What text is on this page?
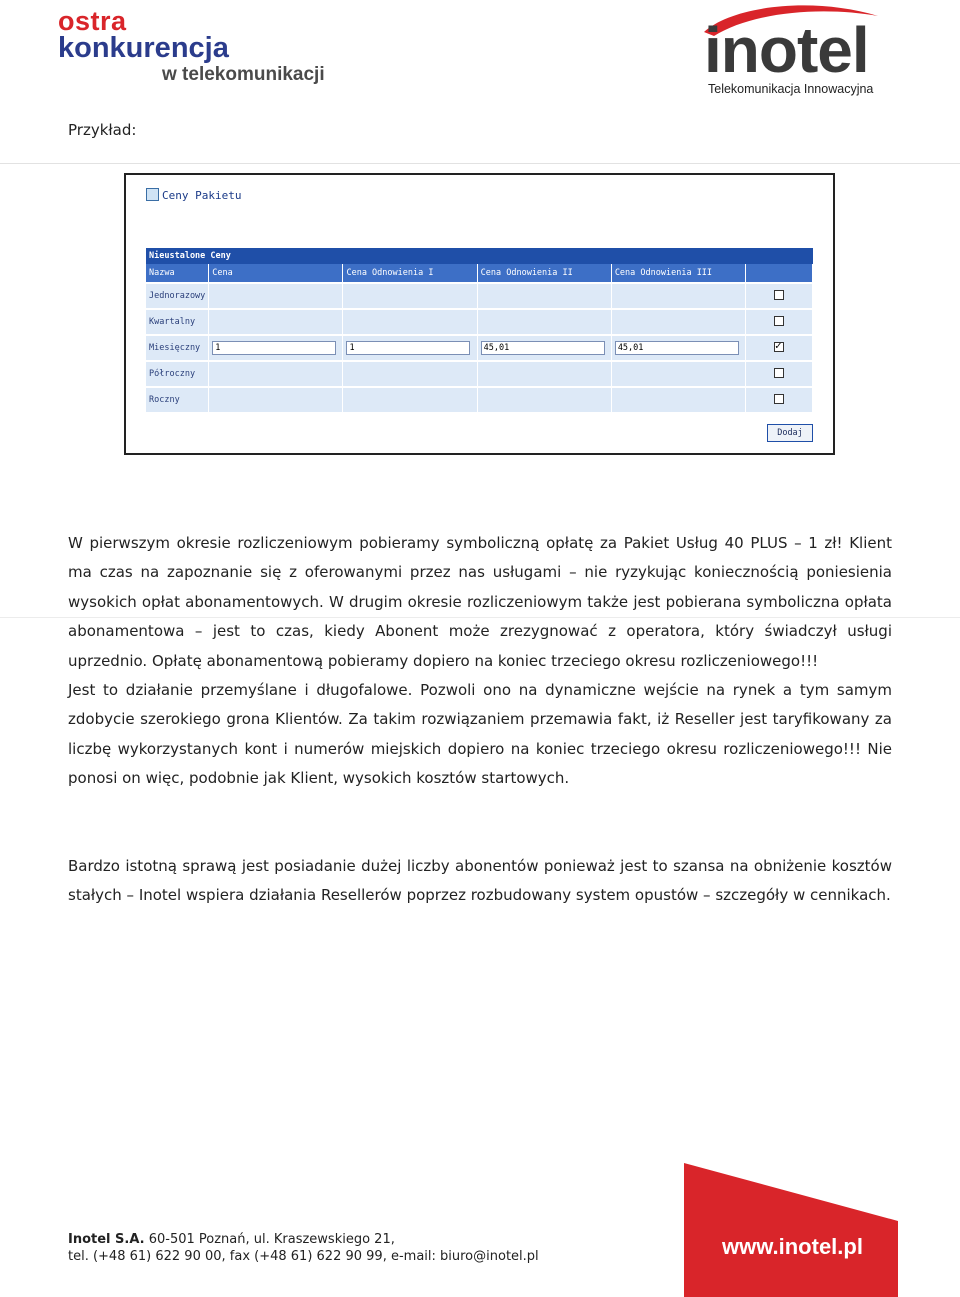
ostra
konkurencja
w telekomunikacji	inotel
Telekomunikacja Innowacyjna
Przykład:
Ceny Pakietu
Nieustalone Ceny					
Nazwa	Cena	Cena Odnowienia I	Cena Odnowienia II	Cena Odnowienia III	
Jednorazowy					
Kwartalny					
Miesięczny	1	1	45,01	45,01	✓
Półroczny					
Roczny					
Dodaj
W pierwszym okresie rozliczeniowym pobieramy symboliczną opłatę za Pakiet Usług 40 PLUS – 1 zł! Klient ma czas na zapoznanie się z oferowanymi przez nas usługami – nie ryzykując koniecznością poniesienia wysokich opłat abonamentowych. W drugim okresie rozliczeniowym także jest pobierana symboliczna opłata abonamentowa – jest to czas, kiedy Abonent może zrezygnować z operatora, który świadczył usługi uprzednio. Opłatę abonamentową pobieramy dopiero na koniec trzeciego okresu rozliczeniowego!!!
Jest to działanie przemyślane i długofalowe. Pozwoli ono na dynamiczne wejście na rynek a tym samym zdobycie szerokiego grona Klientów. Za takim rozwiązaniem przemawia fakt, iż Reseller jest taryfikowany za liczbę wykorzystanych kont i numerów miejskich dopiero na koniec trzeciego okresu rozliczeniowego!!! Nie ponosi on więc, podobnie jak Klient, wysokich kosztów startowych.
Bardzo istotną sprawą jest posiadanie dużej liczby abonentów ponieważ jest to szansa na obniżenie kosztów stałych – Inotel wspiera działania Resellerów poprzez rozbudowany system opustów – szczegóły w cennikach.
Inotel S.A. 60-501 Poznań, ul. Kraszewskiego 21,
tel. (+48 61) 622 90 00, fax (+48 61) 622 90 99, e-mail: biuro@inotel.pl	www.inotel.pl
